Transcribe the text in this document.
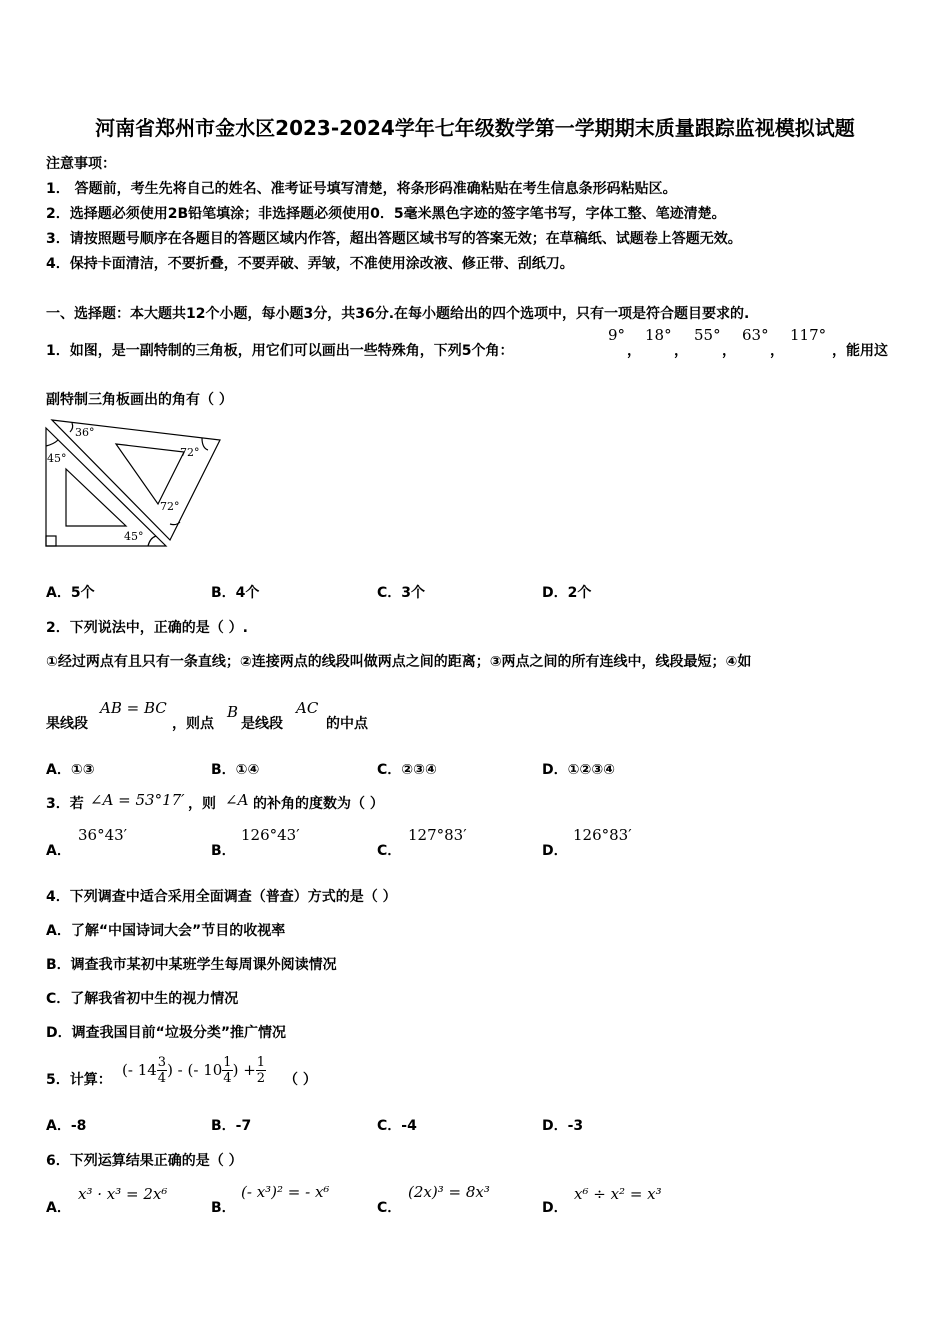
河南省郑州市金水区2023-2024学年七年级数学第一学期期末质量跟踪监视模拟试题
注意事项：
1． 答题前，考生先将自己的姓名、准考证号填写清楚，将条形码准确粘贴在考生信息条形码粘贴区。
2．选择题必须使用2B铅笔填涂；非选择题必须使用0．5毫米黑色字迹的签字笔书写，字体工整、笔迹清楚。
3．请按照题号顺序在各题目的答题区域内作答，超出答题区域书写的答案无效；在草稿纸、试题卷上答题无效。
4．保持卡面清洁，不要折叠，不要弄破、弄皱，不准使用涂改液、修正带、刮纸刀。
一、选择题：本大题共12个小题，每小题3分，共36分.在每小题给出的四个选项中，只有一项是符合题目要求的.
1．如图，是一副特制的三角板，用它们可以画出一些特殊角，下列5个角：
9°
，
18°
，
55°
，
63°
，
117°
，能用这
副特制三角板画出的角有（ ）
36°
45°	72°
72°
45°
A．5个	B．4个	C．3个	D．2个
2．下列说法中，正确的是（ ）.
①经过两点有且只有一条直线；②连接两点的线段叫做两点之间的距离；③两点之间的所有连线中，线段最短；④如
果线段
AB = BC
，则点
B
是线段
AC
的中点
A．①③	B．①④	C．②③④	D．①②③④
3．若 ∠A = 53°17′ ，则 ∠A 的补角的度数为（ ）
A．
36°43′
B．
126°43′
C．
127°83′
D．
126°83′
4．下列调查中适合采用全面调查（普查）方式的是（ ）
A．了解“中国诗词大会”节目的收视率
B．调查我市某初中某班学生每周课外阅读情况
C．了解我省初中生的视力情况
D．调查我国目前“垃圾分类”推广情况
5．计算：
(- $14 \frac{3}{4}$ ) - (- $10 \frac{1}{4}$ ) + $\frac{1}{2}$ （ ）
A．-8	B．-7	C．-4	D．-3
6．下列运算结果正确的是（ ）
A．
x³ · x³ = 2x⁶
B．
(- x³)² = - x⁶
C．
(2x)³ = 8x³
D．
x⁶ ÷ x² = x³
